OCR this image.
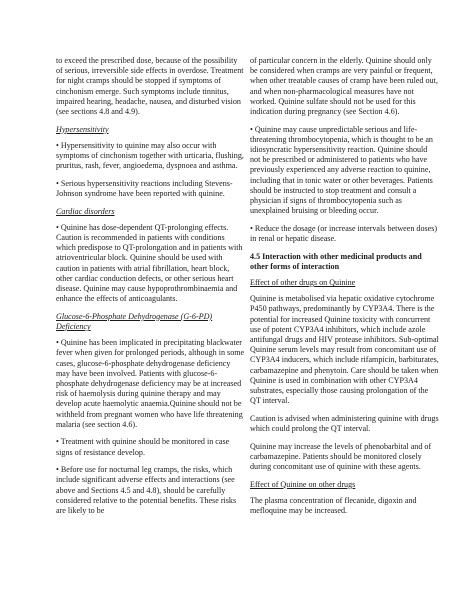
to exceed the prescribed dose, because of the possibility of serious, irreversible side effects in overdose. Treatment for night cramps should be stopped if symptoms of cinchonism emerge. Such symptoms include tinnitus, impaired hearing, headache, nausea, and disturbed vision (see sections 4.8 and 4.9).

Hypersensitivity

• Hypersensitivity to quinine may also occur with symptoms of cinchonism together with urticaria, flushing, pruritus, rash, fever, angioedema, dyspnoea and asthma.

• Serious hypersensitivity reactions including Stevens-Johnson syndrome have been reported with quinine.

Cardiac disorders

• Quinine has dose-dependent QT-prolonging effects. Caution is recommended in patients with conditions which predispose to QT-prolongation and in patients with atrioventricular block. Quinine should be used with caution in patients with atrial fibrillation, heart block, other cardiac conduction defects, or other serious heart disease. Quinine may cause hypoprothrombinaemia and enhance the effects of anticoagulants.

Glucose-6-Phosphate Dehydrogenase (G-6-PD) Deficiency

• Quinine has been implicated in precipitating blackwater fever when given for prolonged periods, although in some cases, glucose-6-phosphate dehydrogenase deficiency may have been involved. Patients with glucose-6-phosphate dehydrogenase deficiency may be at increased risk of haemolysis during quinine therapy and may develop acute haemolytic anaemia.Quinine should not be withheld from pregnant women who have life threatening malaria (see section 4.6).

• Treatment with quinine should be monitored in case signs of resistance develop.

• Before use for nocturnal leg cramps, the risks, which include significant adverse effects and interactions (see above and Sections 4.5 and 4.8), should be carefully considered relative to the potential benefits. These risks are likely to be

of particular concern in the elderly. Quinine should only be considered when cramps are very painful or frequent, when other treatable causes of cramp have been ruled out, and when non-pharmacological measures have not worked. Quinine sulfate should not be used for this indication during pregnancy (see Section 4.6).

• Quinine may cause unpredictable serious and life-threatening thrombocytopenia, which is thought to be an idiosyncratic hypersensitivity reaction. Quinine should not be prescribed or administered to patients who have previously experienced any adverse reaction to quinine, including that in tonic water or other beverages. Patients should be instructed to stop treatment and consult a physician if signs of thrombocytopenia such as unexplained bruising or bleeding occur.

• Reduce the dosage (or increase intervals between doses) in renal or hepatic disease.

4.5 Interaction with other medicinal products and other forms of interaction

Effect of other drugs on Quinine

Quinine is metabolised via hepatic oxidative cytochrome P450 pathways, predominantly by CYP3A4. There is the potential for increased Quinine toxicity with concurrent use of potent CYP3A4 inhibitors, which include azole antifungal drugs and HIV protease inhibitors. Sub-optimal Quinine serum levels may result from concomitant use of CYP3A4 inducers, which include rifampicin, barbiturates, carbamazepine and phenytoin. Care should be taken when Quinine is used in combination with other CYP3A4 substrates, especially those causing prolongation of the QT interval.

Caution is advised when administering quinine with drugs which could prolong the QT interval.

Quinine may increase the levels of phenobarbital and of carbamazepine. Patients should be monitored closely during concomitant use of quinine with these agents.

Effect of Quinine on other drugs

The plasma concentration of flecanide, digoxin and mefloquine may be increased.
